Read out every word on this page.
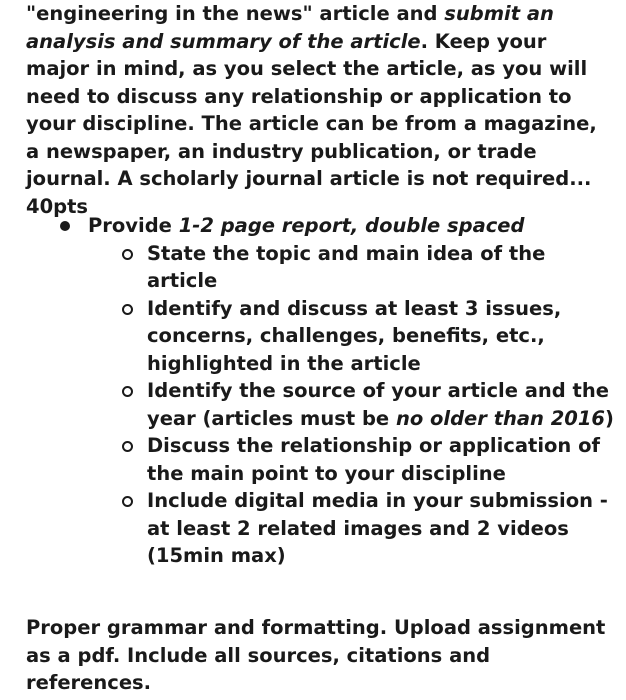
"engineering in the news" article and submit an analysis and summary of the article. Keep your major in mind, as you select the article, as you will need to discuss any relationship or application to your discipline. The article can be from a magazine, a newspaper, an industry publication, or trade journal. A scholarly journal article is not required... 40pts

Provide 1-2 page report, double spaced
State the topic and main idea of the article
Identify and discuss at least 3 issues, concerns, challenges, benefits, etc., highlighted in the article
Identify the source of your article and the year (articles must be no older than 2016)
Discuss the relationship or application of the main point to your discipline
Include digital media in your submission - at least 2 related images and 2 videos (15min max)

Proper grammar and formatting. Upload assignment as a pdf. Include all sources, citations and references.
